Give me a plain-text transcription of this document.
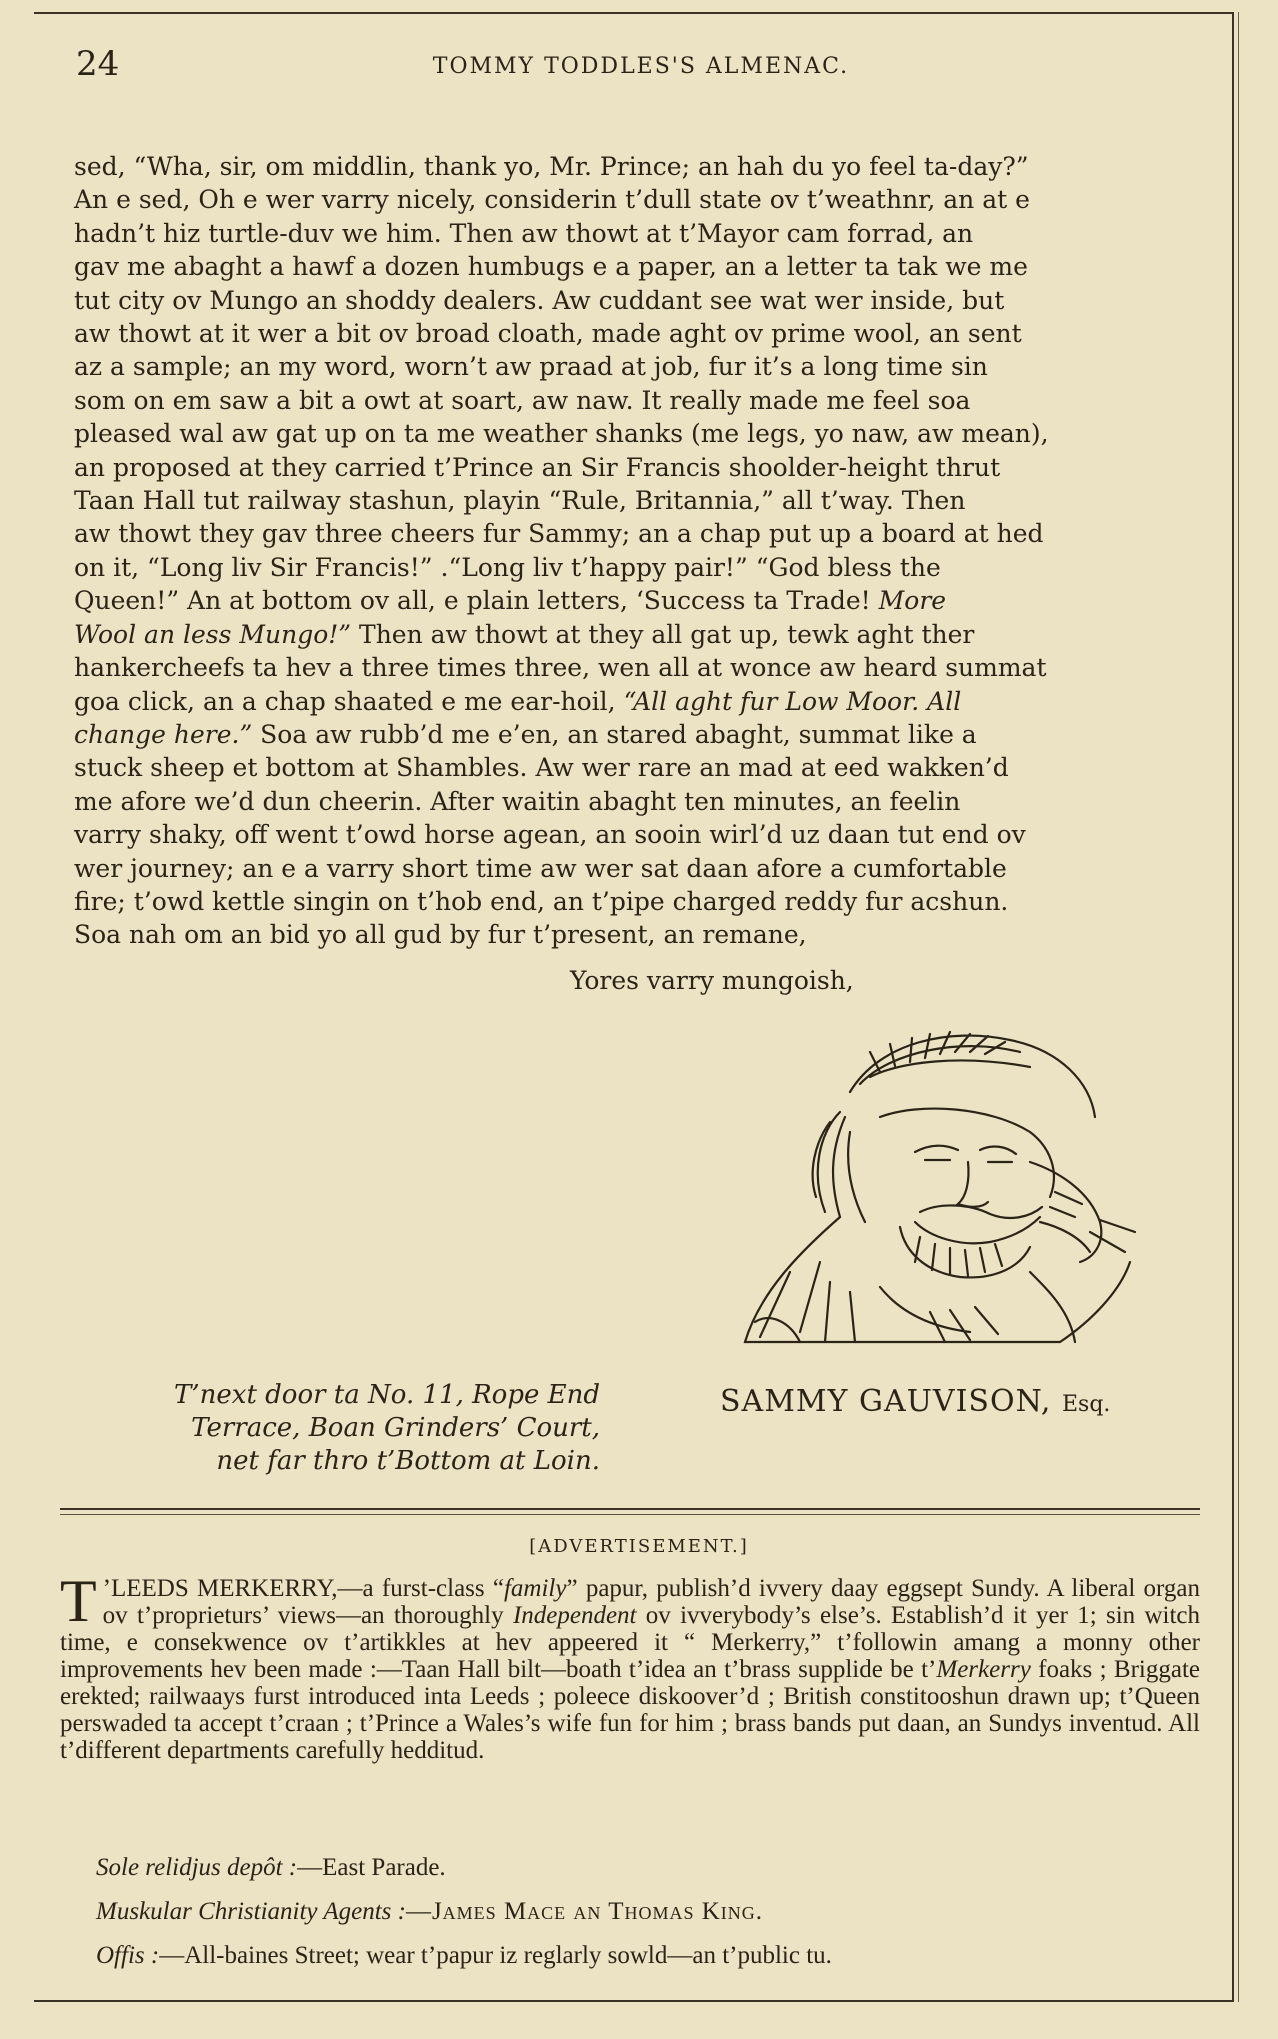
24	TOMMY TODDLES'S ALMENAC.

sed, “Wha, sir, om middlin, thank yo, Mr. Prince; an hah du yo feel ta-day?”

An e sed, Oh e wer varry nicely, considerin t’dull state ov t’weathnr, an at e

hadn’t hiz turtle-duv we him. Then aw thowt at t’Mayor cam forrad, an

gav me abaght a hawf a dozen humbugs e a paper, an a letter ta tak we me

tut city ov Mungo an shoddy dealers. Aw cuddant see wat wer inside, but

aw thowt at it wer a bit ov broad cloath, made aght ov prime wool, an sent

az a sample; an my word, worn’t aw praad at job, fur it’s a long time sin

som on em saw a bit a owt at soart, aw naw. It really made me feel soa

pleased wal aw gat up on ta me weather shanks (me legs, yo naw, aw mean),

an proposed at they carried t’Prince an Sir Francis shoolder-height thrut

Taan Hall tut railway stashun, playin “Rule, Britannia,” all t’way. Then

aw thowt they gav three cheers fur Sammy; an a chap put up a board at hed

on it, “Long liv Sir Francis!” .“Long liv t’happy pair!” “God bless the

Queen!” An at bottom ov all, e plain letters, ‘Success ta Trade! More

Wool an less Mungo!” Then aw thowt at they all gat up, tewk aght ther

hankercheefs ta hev a three times three, wen all at wonce aw heard summat

goa click, an a chap shaated e me ear-hoil, “All aght fur Low Moor. All

change here.” Soa aw rubb’d me e’en, an stared abaght, summat like a

stuck sheep et bottom at Shambles. Aw wer rare an mad at eed wakken’d

me afore we’d dun cheerin. After waitin abaght ten minutes, an feelin

varry shaky, off went t’owd horse agean, an sooin wirl’d uz daan tut end ov

wer journey; an e a varry short time aw wer sat daan afore a cumfortable

fire; t’owd kettle singin on t’hob end, an t’pipe charged reddy fur acshun.

Soa nah om an bid yo all gud by fur t’present, an remane,

Yores varry mungoish,
T’next door ta No. 11, Rope End
Terrace, Boan Grinders’ Court,
net far thro t’Bottom at Loin.
SAMMY GAUVISON, Esq.
[ADVERTISEMENT.]
T ’LEEDS MERKERRY,—a furst-class “family” papur, publish’d ivvery daay eggsept Sundy. A liberal organ ov t’proprieturs’ views—an thoroughly Independent ov ivverybody’s else’s. Establish’d it yer 1; sin witch time, e consekwence ov t’artikkles at hev appeered it “ Merkerry,” t’followin amang a monny other improvements hev been made :—Taan Hall bilt—boath t’idea an t’brass supplide be t’Merkerry foaks ; Briggate erekted; railwaays furst introduced inta Leeds ; poleece diskoover’d ; British constitooshun drawn up; t’Queen perswaded ta accept t’craan ; t’Prince a Wales’s wife fun for him ; brass bands put daan, an Sundys inventud. All t’different departments carefully hedditud.
Sole relidjus depôt :—East Parade.
Muskular Christianity Agents :—James Mace an Thomas King.
Offis :—All-baines Street; wear t’papur iz reglarly sowld—an t’public tu.
